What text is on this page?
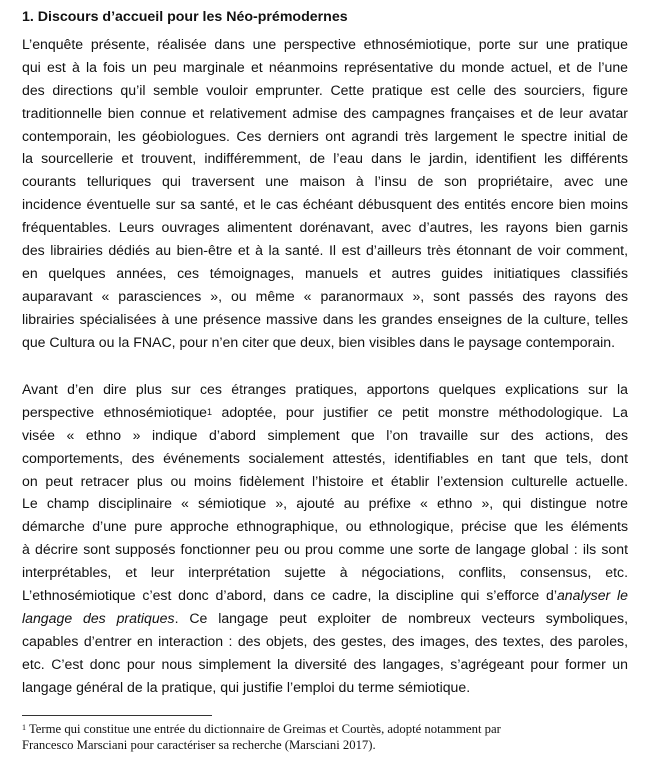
1. Discours d’accueil pour les Néo-prémodernes
L’enquête présente, réalisée dans une perspective ethnosémiotique, porte sur une pratique
qui est à la fois un peu marginale et néanmoins représentative du monde actuel, et de l’une
des directions qu’il semble vouloir emprunter. Cette pratique est celle des sourciers, figure
traditionnelle bien connue et relativement admise des campagnes françaises et de leur avatar
contemporain, les géobiologues. Ces derniers ont agrandi très largement le spectre initial de
la sourcellerie et trouvent, indifféremment, de l’eau dans le jardin, identifient les différents
courants telluriques qui traversent une maison à l’insu de son propriétaire, avec une
incidence éventuelle sur sa santé, et le cas échéant débusquent des entités encore bien moins
fréquentables. Leurs ouvrages alimentent dorénavant, avec d’autres, les rayons bien garnis
des librairies dédiés au bien-être et à la santé. Il est d’ailleurs très étonnant de voir comment,
en quelques années, ces témoignages, manuels et autres guides initiatiques classifiés
auparavant « parasciences », ou même « paranormaux », sont passés des rayons des
librairies spécialisées à une présence massive dans les grandes enseignes de la culture, telles
que Cultura ou la FNAC, pour n’en citer que deux, bien visibles dans le paysage contemporain.
Avant d’en dire plus sur ces étranges pratiques, apportons quelques explications sur la
perspective ethnosémiotique$^1$ adoptée, pour justifier ce petit monstre méthodologique. La
visée « ethno » indique d’abord simplement que l’on travaille sur des actions, des
comportements, des événements socialement attestés, identifiables en tant que tels, dont
on peut retracer plus ou moins fidèlement l’histoire et établir l’extension culturelle actuelle.
Le champ disciplinaire « sémiotique », ajouté au préfixe « ethno », qui distingue notre
démarche d’une pure approche ethnographique, ou ethnologique, précise que les éléments
à décrire sont supposés fonctionner peu ou prou comme une sorte de langage global : ils sont
interprétables, et leur interprétation sujette à négociations, conflits, consensus, etc.
L’ethnosémiotique c’est donc d’abord, dans ce cadre, la discipline qui s’efforce d’analyser le
langage des pratiques. Ce langage peut exploiter de nombreux vecteurs symboliques,
capables d’entrer en interaction : des objets, des gestes, des images, des textes, des paroles,
etc. C’est donc pour nous simplement la diversité des langages, s’agrégeant pour former un
langage général de la pratique, qui justifie l’emploi du terme sémiotique.
$^1$ Terme qui constitue une entrée du dictionnaire de Greimas et Courtès, adopté notamment par
Francesco Marsciani pour caractériser sa recherche (Marsciani 2017).
